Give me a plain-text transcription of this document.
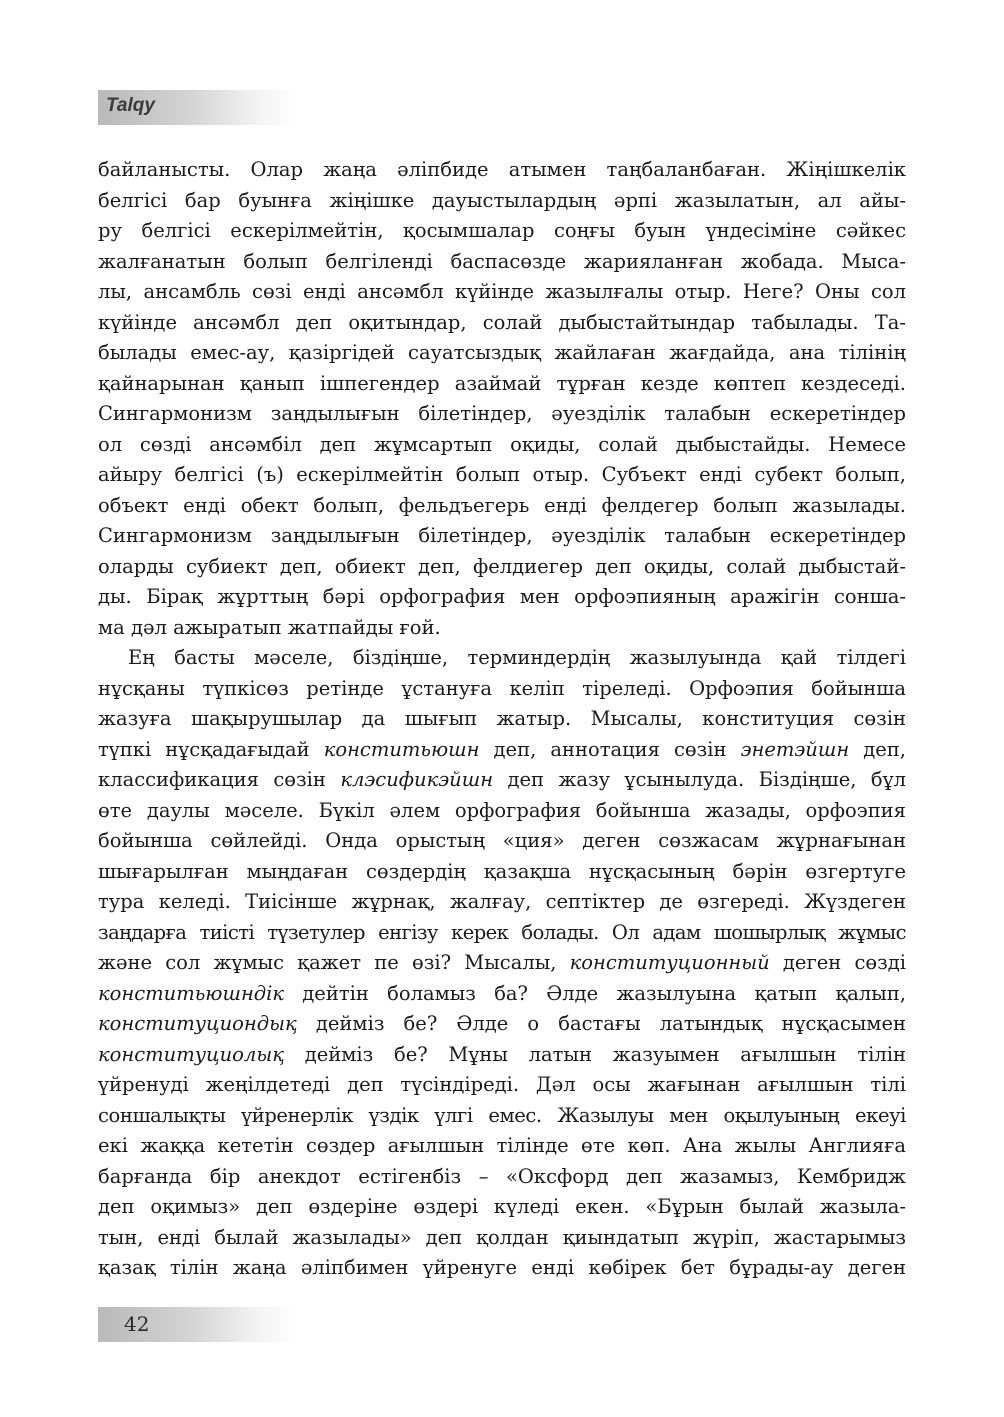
Talqy
байланысты. Олар жаңа әліпбиде атымен таңбаланбаған. Жіңішкелік
белгісі бар буынға жіңішке дауыстылардың әрпі жазылатын, ал айы-
ру белгісі ескерілмейтін, қосымшалар соңғы буын үндесіміне сәйкес
жалғанатын болып белгіленді баспасөзде жарияланған жобада. Мыса-
лы, ансамбль сөзі енді ансәмбл күйінде жазылғалы отыр. Неге? Оны сол
күйінде ансәмбл деп оқитындар, солай дыбыстайтындар табылады. Та-
былады емес-ау, қазіргідей сауатсыздық жайлаған жағдайда, ана тілінің
қайнарынан қанып ішпегендер азаймай тұрған кезде көптеп кездеседі.
Сингармонизм заңдылығын білетіндер, әуезділік талабын ескеретіндер
ол сөзді ансәмбіл деп жұмсартып оқиды, солай дыбыстайды. Немесе
айыру белгісі (ъ) ескерілмейтін болып отыр. Субъект енді субект болып,
объект енді обект болып, фельдъегерь енді фелдегер болып жазылады.
Сингармонизм заңдылығын білетіндер, әуезділік талабын ескеретіндер
оларды субиект деп, обиект деп, фелдиегер деп оқиды, солай дыбыстай-
ды. Бірақ жұрттың бәрі орфография мен орфоэпияның аражігін сонша-
ма дәл ажыратып жатпайды ғой.
Ең басты мәселе, біздіңше, терминдердің жазылуында қай тілдегі
нұсқаны түпкісөз ретінде ұстануға келіп тіреледі. Орфоэпия бойынша
жазуға шақырушылар да шығып жатыр. Мысалы, конституция сөзін
түпкі нұсқадағыдай конститьюшн деп, аннотация сөзін энетэйшн деп,
классификация сөзін клэсификэйшн деп жазу ұсынылуда. Біздіңше, бұл
өте даулы мәселе. Бүкіл әлем орфография бойынша жазады, орфоэпия
бойынша сөйлейді. Онда орыстың «ция» деген сөзжасам жұрнағынан
шығарылған мыңдаған сөздердің қазақша нұсқасының бәрін өзгертуге
тура келеді. Тиісінше жұрнақ, жалғау, септіктер де өзгереді. Жүздеген
заңдарға тиісті түзетулер енгізу керек болады. Ол адам шошырлық жұмыс
және сол жұмыс қажет пе өзі? Мысалы, конституционный деген сөзді
конститьюшндік дейтін боламыз ба? Әлде жазылуына қатып қалып,
конституциондық дейміз бе? Әлде о бастағы латындық нұсқасымен
конституциолық дейміз бе? Мұны латын жазуымен ағылшын тілін
үйренуді жеңілдетеді деп түсіндіреді. Дәл осы жағынан ағылшын тілі
соншалықты үйренерлік үздік үлгі емес. Жазылуы мен оқылуының екеуі
екі жаққа кететін сөздер ағылшын тілінде өте көп. Ана жылы Англияға
барғанда бір анекдот естігенбіз – «Оксфорд деп жазамыз, Кембридж
деп оқимыз» деп өздеріне өздері күледі екен. «Бұрын былай жазыла-
тын, енді былай жазылады» деп қолдан қиындатып жүріп, жастарымыз
қазақ тілін жаңа әліпбимен үйренуге енді көбірек бет бұрады-ау деген
42
